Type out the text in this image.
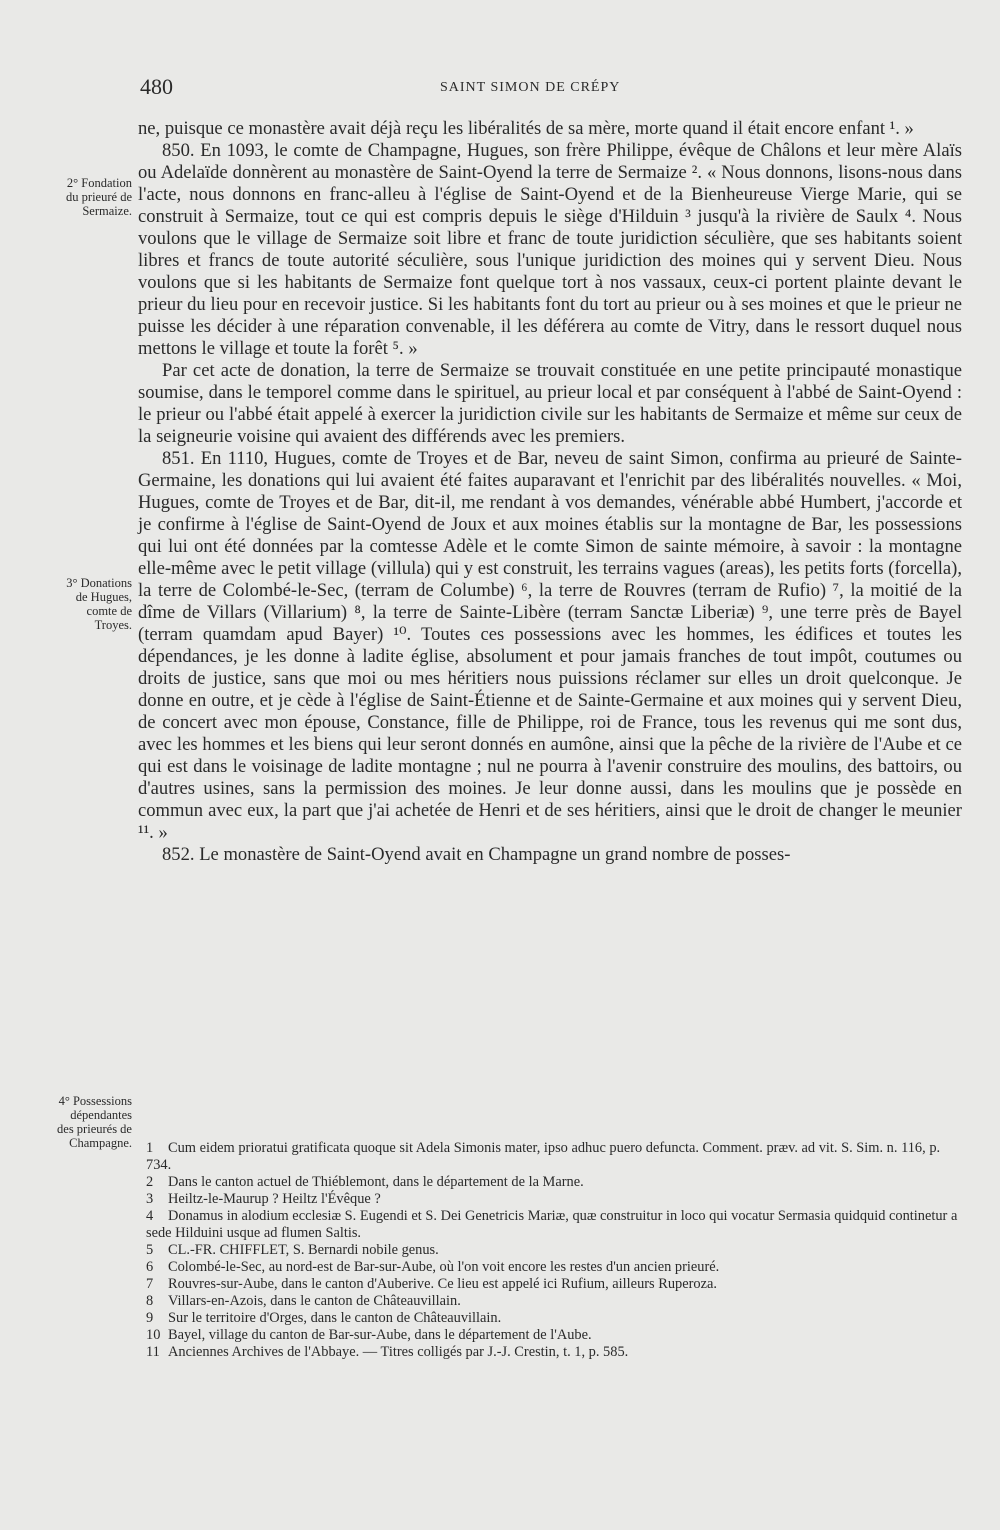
480	SAINT SIMON DE CRÉPY
2° Fondation du prieuré de Sermaize.
3° Donations de Hugues, comte de Troyes.
4° Possessions dépendantes des prieurés de Champagne.

ne, puisque ce monastère avait déjà reçu les libéralités de sa mère, morte quand il était encore enfant ¹. »

850. En 1093, le comte de Champagne, Hugues, son frère Philippe, évêque de Châlons et leur mère Alaïs ou Adelaïde donnèrent au monastère de Saint-Oyend la terre de Sermaize ². « Nous donnons, lisons-nous dans l'acte, nous donnons en franc-alleu à l'église de Saint-Oyend et de la Bienheureuse Vierge Marie, qui se construit à Sermaize, tout ce qui est compris depuis le siège d'Hilduin ³ jusqu'à la rivière de Saulx ⁴. Nous voulons que le village de Sermaize soit libre et franc de toute juridiction séculière, que ses habitants soient libres et francs de toute autorité séculière, sous l'unique juridiction des moines qui y servent Dieu. Nous voulons que si les habitants de Sermaize font quelque tort à nos vassaux, ceux-ci portent plainte devant le prieur du lieu pour en recevoir justice. Si les habitants font du tort au prieur ou à ses moines et que le prieur ne puisse les décider à une réparation convenable, il les déférera au comte de Vitry, dans le ressort duquel nous mettons le village et toute la forêt ⁵. »

Par cet acte de donation, la terre de Sermaize se trouvait constituée en une petite principauté monastique soumise, dans le temporel comme dans le spirituel, au prieur local et par conséquent à l'abbé de Saint-Oyend : le prieur ou l'abbé était appelé à exercer la juridiction civile sur les habitants de Sermaize et même sur ceux de la seigneurie voisine qui avaient des différends avec les premiers.

851. En 1110, Hugues, comte de Troyes et de Bar, neveu de saint Simon, confirma au prieuré de Sainte-Germaine, les donations qui lui avaient été faites auparavant et l'enrichit par des libéralités nouvelles. « Moi, Hugues, comte de Troyes et de Bar, dit-il, me rendant à vos demandes, vénérable abbé Humbert, j'accorde et je confirme à l'église de Saint-Oyend de Joux et aux moines établis sur la montagne de Bar, les possessions qui lui ont été données par la comtesse Adèle et le comte Simon de sainte mémoire, à savoir : la montagne elle-même avec le petit village (villula) qui y est construit, les terrains vagues (areas), les petits forts (forcella), la terre de Colombé-le-Sec, (terram de Columbe) ⁶, la terre de Rouvres (terram de Rufio) ⁷, la moitié de la dîme de Villars (Villarium) ⁸, la terre de Sainte-Libère (terram Sanctæ Liberiæ) ⁹, une terre près de Bayel (terram quamdam apud Bayer) ¹⁰. Toutes ces possessions avec les hommes, les édifices et toutes les dépendances, je les donne à ladite église, absolument et pour jamais franches de tout impôt, coutumes ou droits de justice, sans que moi ou mes héritiers nous puissions réclamer sur elles un droit quelconque. Je donne en outre, et je cède à l'église de Saint-Étienne et de Sainte-Germaine et aux moines qui y servent Dieu, de concert avec mon épouse, Constance, fille de Philippe, roi de France, tous les revenus qui me sont dus, avec les hommes et les biens qui leur seront donnés en aumône, ainsi que la pêche de la rivière de l'Aube et ce qui est dans le voisinage de ladite montagne ; nul ne pourra à l'avenir construire des moulins, des battoirs, ou d'autres usines, sans la permission des moines. Je leur donne aussi, dans les moulins que je possède en commun avec eux, la part que j'ai achetée de Henri et de ses héritiers, ainsi que le droit de changer le meunier ¹¹. »

852. Le monastère de Saint-Oyend avait en Champagne un grand nombre de posses-

1 Cum eidem prioratui gratificata quoque sit Adela Simonis mater, ipso adhuc puero defuncta. Comment. præv. ad vit. S. Sim. n. 116, p. 734.

2 Dans le canton actuel de Thiéblemont, dans le département de la Marne.

3 Heiltz-le-Maurup ? Heiltz l'Évêque ?

4 Donamus in alodium ecclesiæ S. Eugendi et S. Dei Genetricis Mariæ, quæ construitur in loco qui vocatur Sermasia quidquid continetur a sede Hilduini usque ad flumen Saltis.

5 CL.-FR. CHIFFLET, S. Bernardi nobile genus.

6 Colombé-le-Sec, au nord-est de Bar-sur-Aube, où l'on voit encore les restes d'un ancien prieuré.

7 Rouvres-sur-Aube, dans le canton d'Auberive. Ce lieu est appelé ici Rufium, ailleurs Ruperoza.

8 Villars-en-Azois, dans le canton de Châteauvillain.

9 Sur le territoire d'Orges, dans le canton de Châteauvillain.

10 Bayel, village du canton de Bar-sur-Aube, dans le département de l'Aube.

11 Anciennes Archives de l'Abbaye. — Titres colligés par J.-J. Crestin, t. 1, p. 585.
